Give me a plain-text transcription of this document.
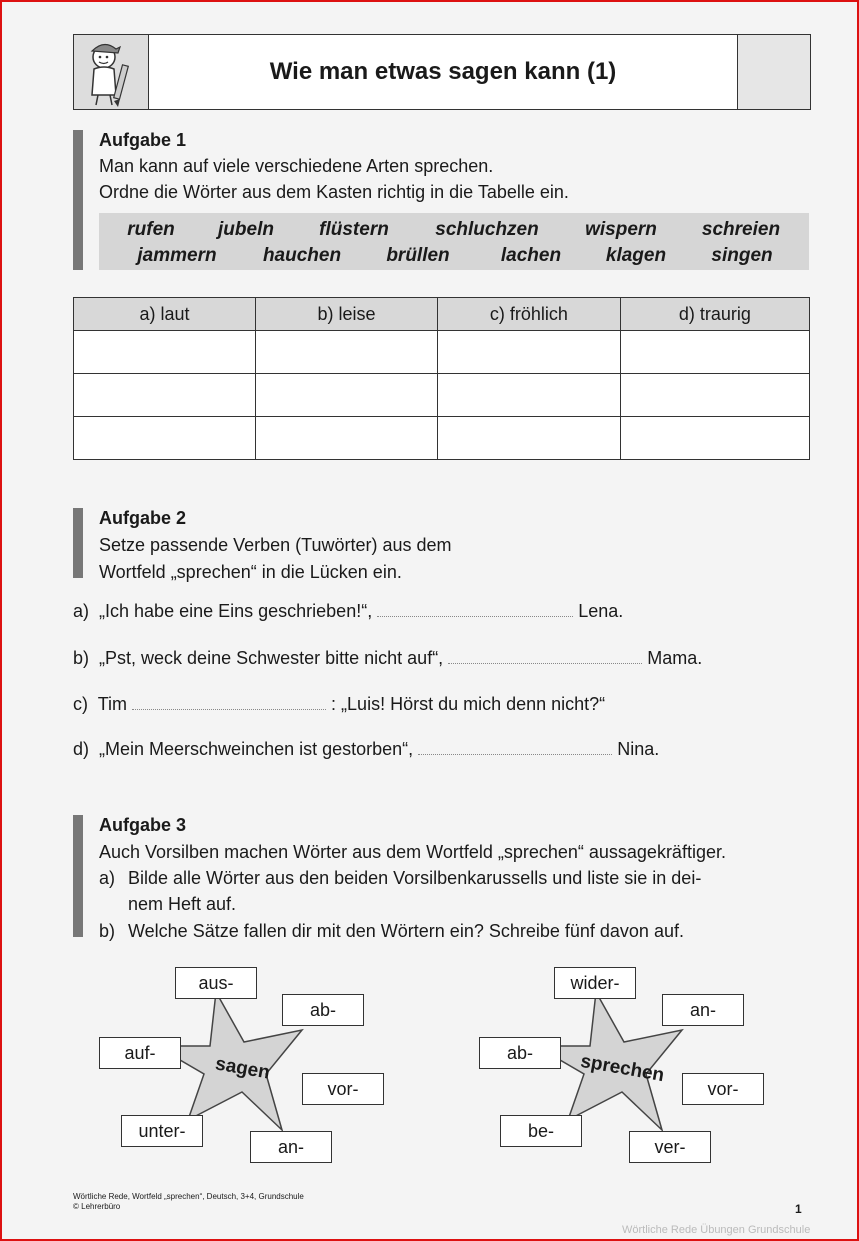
Wie man etwas sagen kann (1)
Aufgabe 1
Man kann auf viele verschiedene Arten sprechen.
Ordne die Wörter aus dem Kasten richtig in die Tabelle ein.
rufen jubeln flüstern schluchzen wispern schreien
jammern hauchen brüllen	lachen klagen singen
a) laut	b) leise	c) fröhlich	d) traurig

Aufgabe 2
Setze passende Verben (Tuwörter) aus dem
Wortfeld „sprechen“ in die Lücken ein.
a) „Ich habe eine Eins geschrieben!“,	Lena.
b) „Pst, weck deine Schwester bitte nicht auf“,	Mama.
c) Tim	: „Luis! Hörst du mich denn nicht?“
d) „Mein Meerschweinchen ist gestorben“,	Nina.
Aufgabe 3
Auch Vorsilben machen Wörter aus dem Wortfeld „sprechen“ aussagekräftiger.
a) Bilde alle Wörter aus den beiden Vorsilbenkarussells und liste sie in dei-
nem Heft auf.
b) Welche Sätze fallen dir mit den Wörtern ein? Schreibe fünf davon auf.
sagen
aus-
ab-
auf-
vor-
unter-
an-
sprechen
wider-
an-
ab-
vor-
be-
ver-
Wörtliche Rede, Wortfeld „sprechen“, Deutsch, 3+4, Grundschule
© Lehrerbüro	1
Wörtliche Rede Übungen Grundschule
